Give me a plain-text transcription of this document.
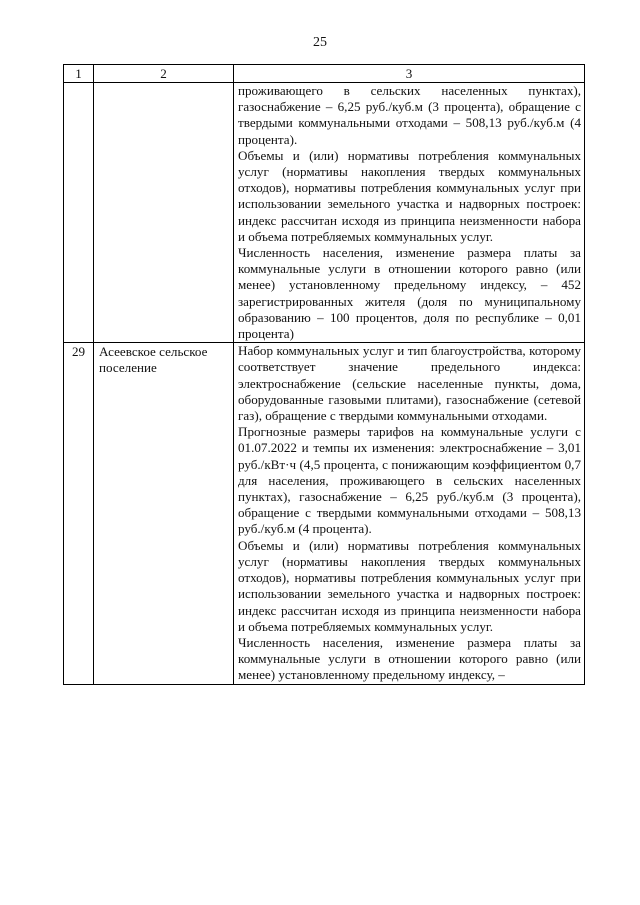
25
1	2	3

		проживающего в сельских населенных пунктах), газоснабжение – 6,25 руб./куб.м (3 процента), обращение с твердыми коммунальными отходами – 508,13 руб./куб.м (4 процента).

Объемы и (или) нормативы потребления коммунальных услуг (нормативы накопления твердых коммунальных отходов), нормативы потребления коммунальных услуг при использовании земельного участка и надворных построек: индекс рассчитан исходя из принципа неизменности набора и объема потребляемых коммунальных услуг.

Численность населения, изменение размера платы за коммунальные услуги в отношении которого равно (или менее) установленному предельному индексу, – 452 зарегистрированных жителя (доля по муниципальному образованию – 100 процентов, доля по республике – 0,01 процента)

29	Асеевское сельское поселение	Набор коммунальных услуг и тип благоустройства, которому соответствует значение предельного индекса: электроснабжение (сельские населенные пункты, дома, оборудованные газовыми плитами), газоснабжение (сетевой газ), обращение с твердыми коммунальными отходами.

Прогнозные размеры тарифов на коммунальные услуги с 01.07.2022 и темпы их изменения: электроснабжение – 3,01 руб./кВт·ч (4,5 процента, с понижающим коэффициентом 0,7 для населения, проживающего в сельских населенных пунктах), газоснабжение – 6,25 руб./куб.м (3 процента), обращение с твердыми коммунальными отходами – 508,13 руб./куб.м (4 процента).

Объемы и (или) нормативы потребления коммунальных услуг (нормативы накопления твердых коммунальных отходов), нормативы потребления коммунальных услуг при использовании земельного участка и надворных построек: индекс рассчитан исходя из принципа неизменности набора и объема потребляемых коммунальных услуг.

Численность населения, изменение размера платы за коммунальные услуги в отношении которого равно (или менее) установленному предельному индексу, –
